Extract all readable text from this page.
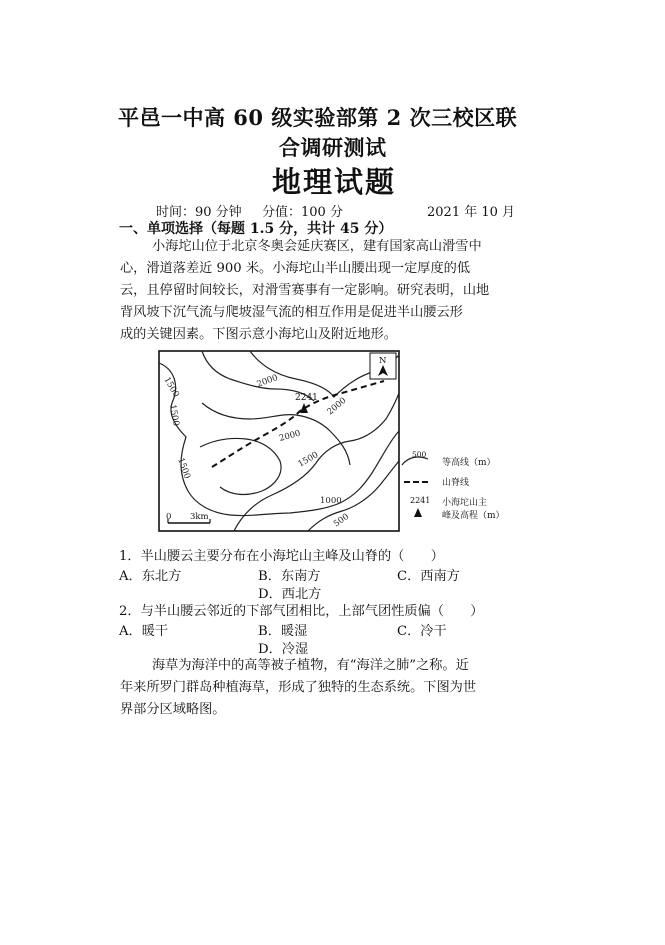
平邑一中高 60 级实验部第 2 次三校区联
合调研测试
地理试题
时间：90 分钟 分值：100 分	2021 年 10 月
一、单项选择（每题 1.5 分，共计 45 分）
小海坨山位于北京冬奥会延庆赛区，建有国家高山滑雪中
心，滑道落差近 900 米。小海坨山半山腰出现一定厚度的低
云，且停留时间较长，对滑雪赛事有一定影响。研究表明，山地
背风坡下沉气流与爬坡湿气流的相互作用是促进半山腰云形
成的关键因素。下图示意小海坨山及附近地形。
2241
1500	2000
1500
2000
1500
1000
500
1500
2000
N
0 3km
500
等高线（m）
山脊线
2241 小海坨山主
峰及高程（m）
1．半山腰云主要分布在小海坨山主峰及山脊的（　　）
A．东北方	B．东南方	C．西南方
D．西北方
2．与半山腰云邻近的下部气团相比，上部气团性质偏（　　）
A．暖干	B．暖湿	C．冷干
D．冷湿
海草为海洋中的高等被子植物，有“海洋之肺”之称。近
年来所罗门群岛种植海草，形成了独特的生态系统。下图为世
界部分区域略图。
